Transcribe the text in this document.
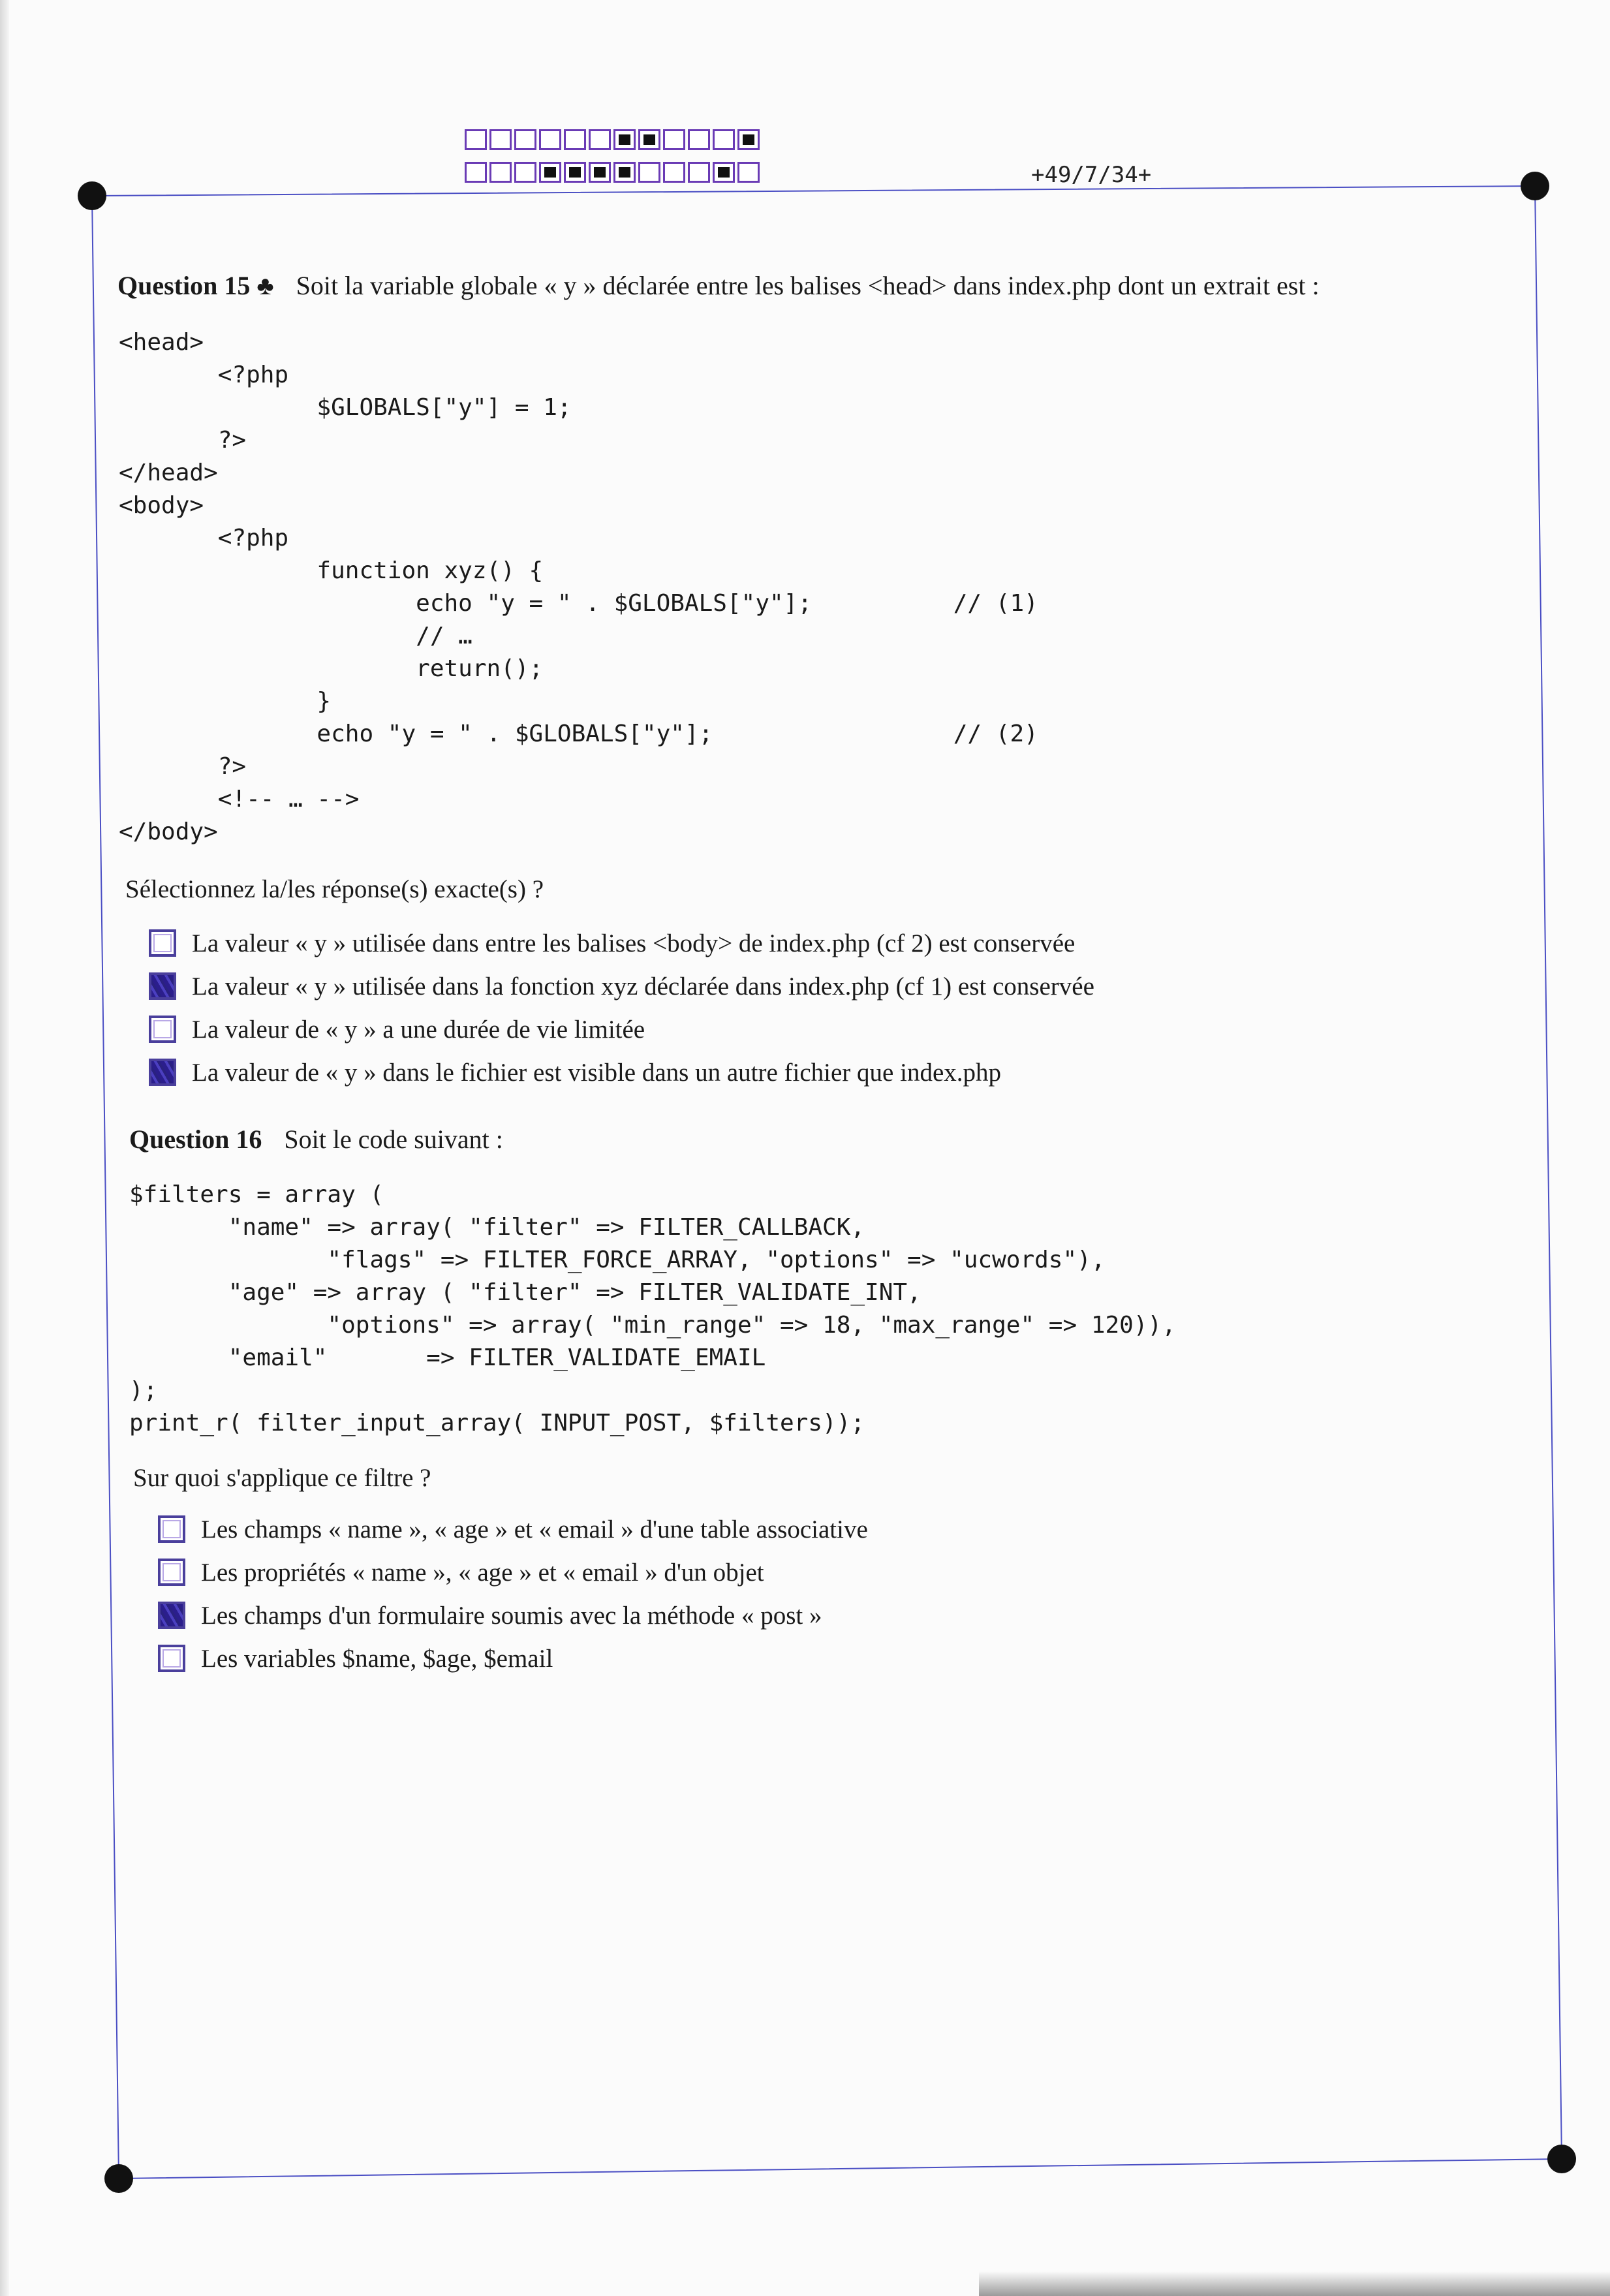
+49/7/34+
Question 15 ♣ Soit la variable globale « y » déclarée entre les balises <head> dans index.php dont un extrait est :
<head>
<?php
$GLOBALS["y"] = 1;
?>
</head>
<body>
<?php
function xyz() {
echo "y = " . $GLOBALS["y"];          // (1)
// …
return();
}
echo "y = " . $GLOBALS["y"];                 // (2)
?>
<!-- … -->
</body>
Sélectionnez la/les réponse(s) exacte(s) ?
La valeur « y » utilisée dans entre les balises <body> de index.php (cf 2) est conservée
La valeur « y » utilisée dans la fonction xyz déclarée dans index.php (cf 1) est conservée
La valeur de « y » a une durée de vie limitée
La valeur de « y » dans le fichier est visible dans un autre fichier que index.php
Question 16 Soit le code suivant :
$filters = array (
"name" => array( "filter" => FILTER_CALLBACK,
"flags" => FILTER_FORCE_ARRAY, "options" => "ucwords"),
"age" => array ( "filter" => FILTER_VALIDATE_INT,
"options" => array( "min_range" => 18, "max_range" => 120)),
"email"       => FILTER_VALIDATE_EMAIL
);
print_r( filter_input_array( INPUT_POST, $filters));
Sur quoi s'applique ce filtre ?
Les champs « name », « age » et « email » d'une table associative
Les propriétés « name », « age » et « email » d'un objet
Les champs d'un formulaire soumis avec la méthode « post »
Les variables $name, $age, $email
